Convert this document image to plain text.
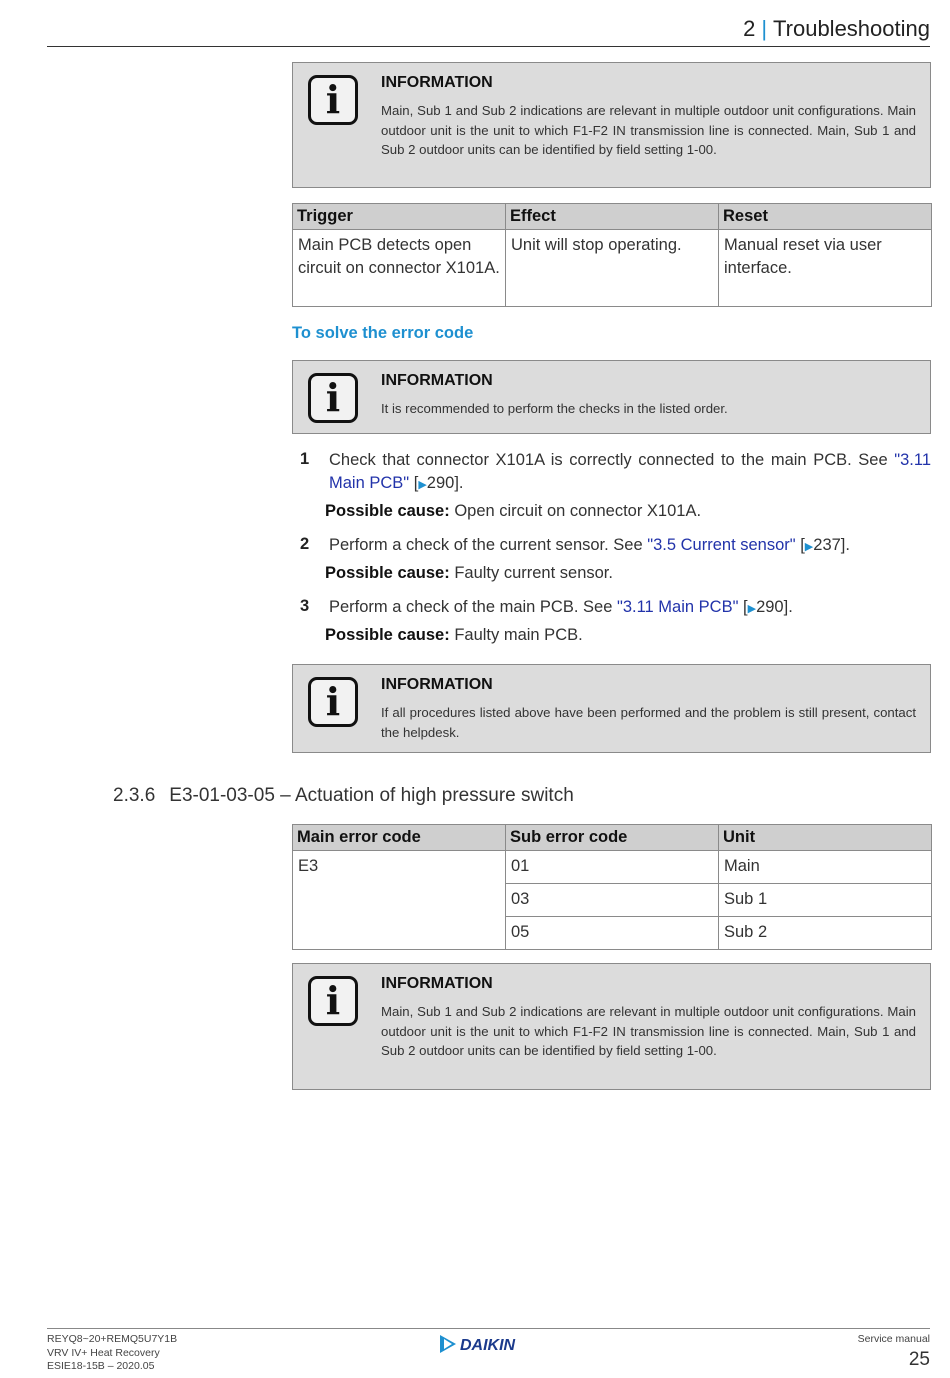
2 | Troubleshooting
i	INFORMATION
Main, Sub 1 and Sub 2 indications are relevant in multiple outdoor unit configurations. Main outdoor unit is the unit to which F1-F2 IN transmission line is connected. Main, Sub 1 and Sub 2 outdoor units can be identified by field setting 1-00.
Trigger	Effect	Reset
Main PCB detects open circuit on connector X101A.	Unit will stop operating.	Manual reset via user interface.
To solve the error code
i	INFORMATION
It is recommended to perform the checks in the listed order.
1 Check that connector X101A is correctly connected to the main PCB. See "3.11 Main PCB" [▶290].
Possible cause: Open circuit on connector X101A.
2 Perform a check of the current sensor. See "3.5 Current sensor" [▶237].
Possible cause: Faulty current sensor.
3 Perform a check of the main PCB. See "3.11 Main PCB" [▶290].
Possible cause: Faulty main PCB.
i	INFORMATION
If all procedures listed above have been performed and the problem is still present, contact the helpdesk.
2.3.6 E3-01-03-05 – Actuation of high pressure switch
Main error code	Sub error code	Unit
E3	01	Main
	03	Sub 1
	05	Sub 2
i	INFORMATION
Main, Sub 1 and Sub 2 indications are relevant in multiple outdoor unit configurations. Main outdoor unit is the unit to which F1-F2 IN transmission line is connected. Main, Sub 1 and Sub 2 outdoor units can be identified by field setting 1-00.
REYQ8~20+REMQ5U7Y1B
VRV IV+ Heat Recovery
ESIE18-15B – 2020.05
DAIKIN	Service manual
25
